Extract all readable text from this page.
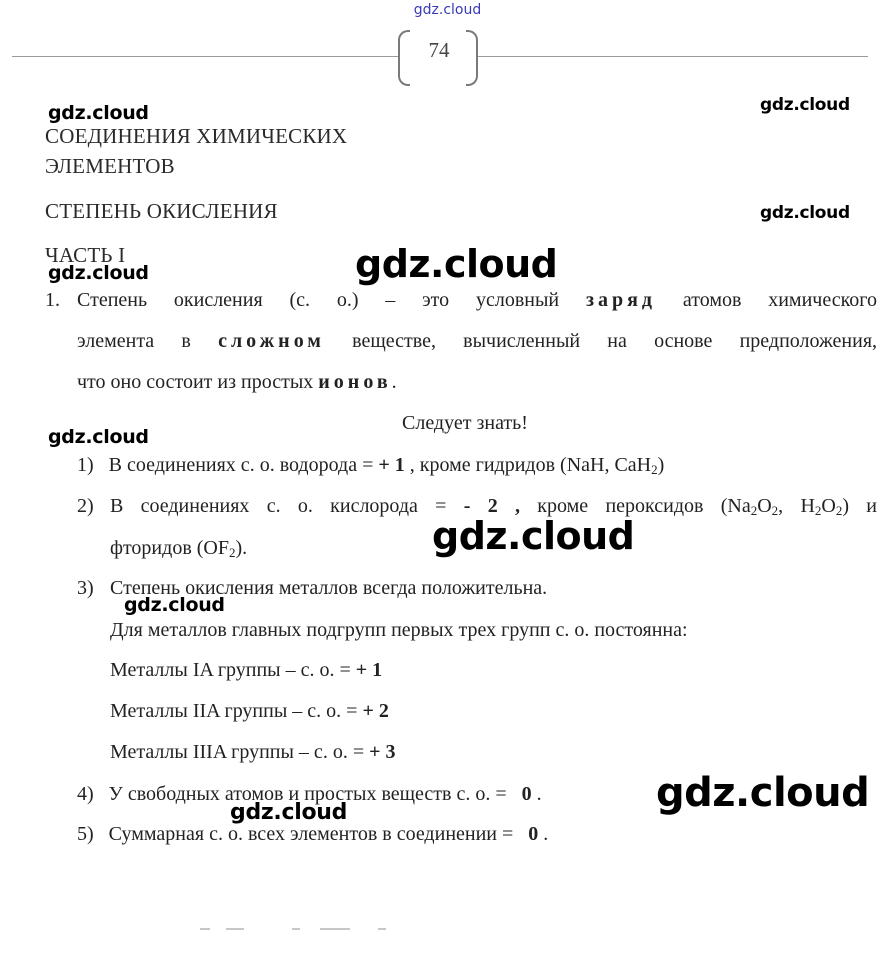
gdz.cloud
74
СОЕДИНЕНИЯ ХИМИЧЕСКИХ
ЭЛЕМЕНТОВ
СТЕПЕНЬ ОКИСЛЕНИЯ
ЧАСТЬ I
1. Степень окисления (с. о.) – это условный заряд атомов химического
элемента в сложном веществе, вычисленный на основе предположения,
что оно состоит из простых ионов.
Следует знать!
1) В соединениях с. о. водорода = + 1 , кроме гидридов (NaH, CaH$_2$)
2) В соединениях с. о. кислорода = - 2 , кроме пероксидов ($Na_2O_2$, $H_2O_2$) и
фторидов $(OF_2)$.
3) Степень окисления металлов всегда положительна.
Для металлов главных подгрупп первых трех групп с. о. постоянна:
Металлы IA группы – с. о. = + 1
Металлы IIA группы – с. о. = + 2
Металлы IIIA группы – с. о. = + 3
4) У свободных атомов и простых веществ с. о. = 0 .
5) Суммарная с. о. всех элементов в соединении = 0 .
gdz.cloud	gdz.cloud
gdz.cloud
gdz.cloud
gdz.cloud
gdz.cloud
gdz.cloud
gdz.cloud
gdz.cloud
gdz.cloud
